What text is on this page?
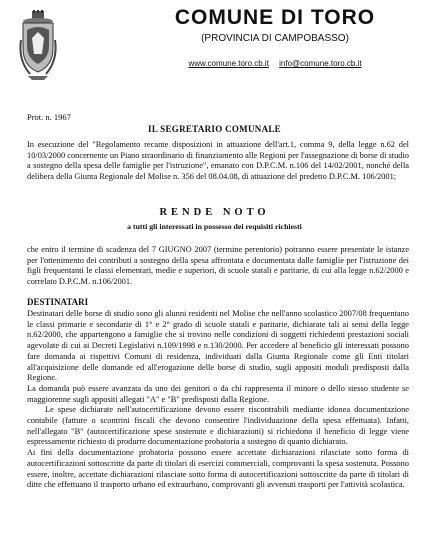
COMUNE DI TORO
(PROVINCIA DI CAMPOBASSO)
www.comune.toro.cb.it info@comune.toro.cb.it
Prot. n. 1967
IL SEGRETARIO COMUNALE
In esecuzione del "Regolamento recante disposizioni in attuazione dell'art.1, comma 9, della legge n.62 del 10/03/2000 concernente un Piano straordinario di finanziamento alle Regioni per l'assegnazione di borse di studio a sostegno della spesa delle famiglie per l'istruzione", emanato con D.P.C.M. n.106 del 14/02/2001, nonché della delibera della Giunta Regionale del Molise n. 356 del 08.04.08, di attuazione del predetto D.P.C.M. 106/2001;
RENDE NOTO
a tutti gli interessati in possesso dei requisiti richiesti
che entro il termine di scadenza del 7 GIUGNO 2007 (termine perentorio) potranno essere presentate le istanze per l'ottenimento dei contributi a sostegno della spesa affrontata e documentata dalle famiglie per l'istruzione dei figli frequentanti le classi elementari, medie e superiori, di scuole statali e paritarie, di cui alla legge n.62/2000 e correlato D.P.C.M. n.106/2001.
DESTINATARI
Destinatari delle borse di studio sono gli alunni residenti nel Molise che nell'anno scolastico 2007/08 frequentano le classi primarie e secondarie di 1° e 2° grado di scuole statali e paritarie, dichiarate tali ai sensi della legge n.62/2000, che appartengono a famiglie che si trovino nelle condizioni di soggetti richiedenti prestazioni sociali agevolate di cui ai Decreti Legislativi n.109/1998 e n.130/2000. Per accedere al beneficio gli interessati possono fare domanda ai rispettivi Comuni di residenza, individuati dalla Giunta Regionale come gli Enti titolari all'acquisizione delle domande ed all'erogazione delle borse di studio, sugli appositi moduli predisposti dalla Regione.
La domanda può essere avanzata da uno dei genitori o da chi rappresenta il minore o dello stesso studente se maggiorenne sugli appositi allegati "A" e "B" predisposti dalla Regione.
Le spese dichiarate nell'autocertificazione devono essere riscontrabili mediante idonea documentazione contabile (fatture o scontrini fiscali che devono consentire l'individuazione della spesa effettuata). Infatti, nell'allegato "B" (autocertificazione spese sostenute e dichiarazioni) si richiedono il beneficio di legge viene espressamente richiesto di produrre documentazione probatoria a sostegno di quanto dichiarato.
Ai fini della documentazione probatoria possono essere accettate dichiarazioni rilasciate sotto forma di autocertificazioni sottoscritte da parte di titolari di esercizi commerciali, comprovanti la spesa sostenuta. Possono essere, inoltre, accettate dichiarazioni rilasciate sotto forma di autocertificazioni sottoscritte da parte di titolari di ditte che effettuano il trasporto urbano ed extraurbano, comprovanti gli avvenuti trasporti per l'attività scolastica.
